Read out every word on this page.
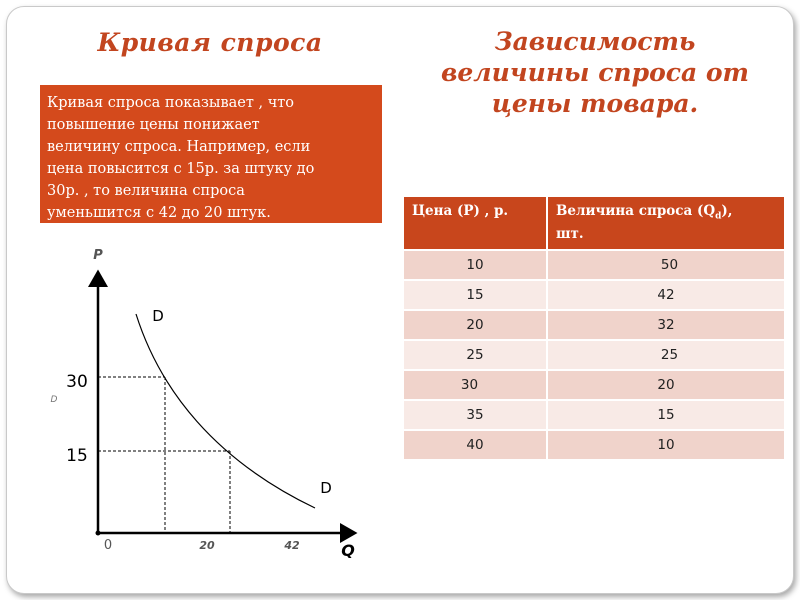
Кривая спроса	Зависимость величины спроса от цены товара.
Кривая спроса показывает , что
повышение цены понижает
величину спроса. Например, если
цена повысится с 15р. за штуку до
30р. , то величина спроса
уменьшится с 42 до 20 штук.
P
Q
0	20	42
30
15
D
D
D
Цена (P) , р.	Величина спроса $(Q_d)$,
шт.
10	50
15	42
20	32
25	25
30	20
35	15
40	10
